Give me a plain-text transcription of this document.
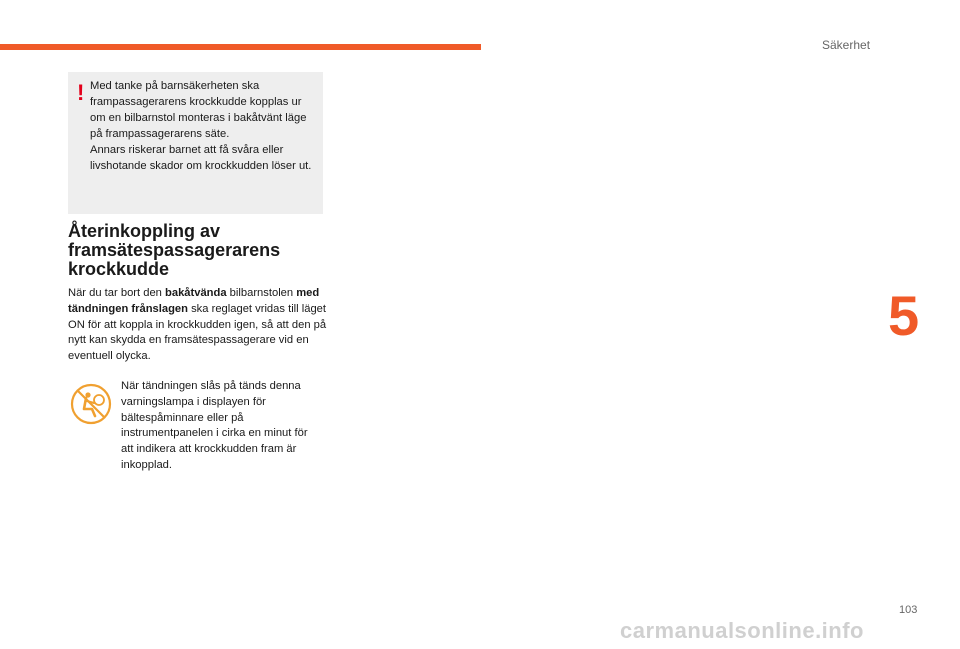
Säkerhet
! Med tanke på barnsäkerheten ska frampassagerarens krockkudde kopplas ur om en bilbarnstol monteras i bakåtvänt läge på frampassagerarens säte.
Annars riskerar barnet att få svåra eller livshotande skador om krockkudden löser ut.

Återinkoppling av framsätespassagerarens krockkudde

När du tar bort den bakåtvända bilbarnstolen med tändningen frånslagen ska reglaget vridas till läget ON för att koppla in krockkudden igen, så att den på nytt kan skydda en framsätespassagerare vid en eventuell olycka.

När tändningen slås på tänds denna varningslampa i displayen för bältespåminnare eller på instrumentpanelen i cirka en minut för att indikera att krockkudden fram är inkopplad.

5
103
carmanualsonline.info
